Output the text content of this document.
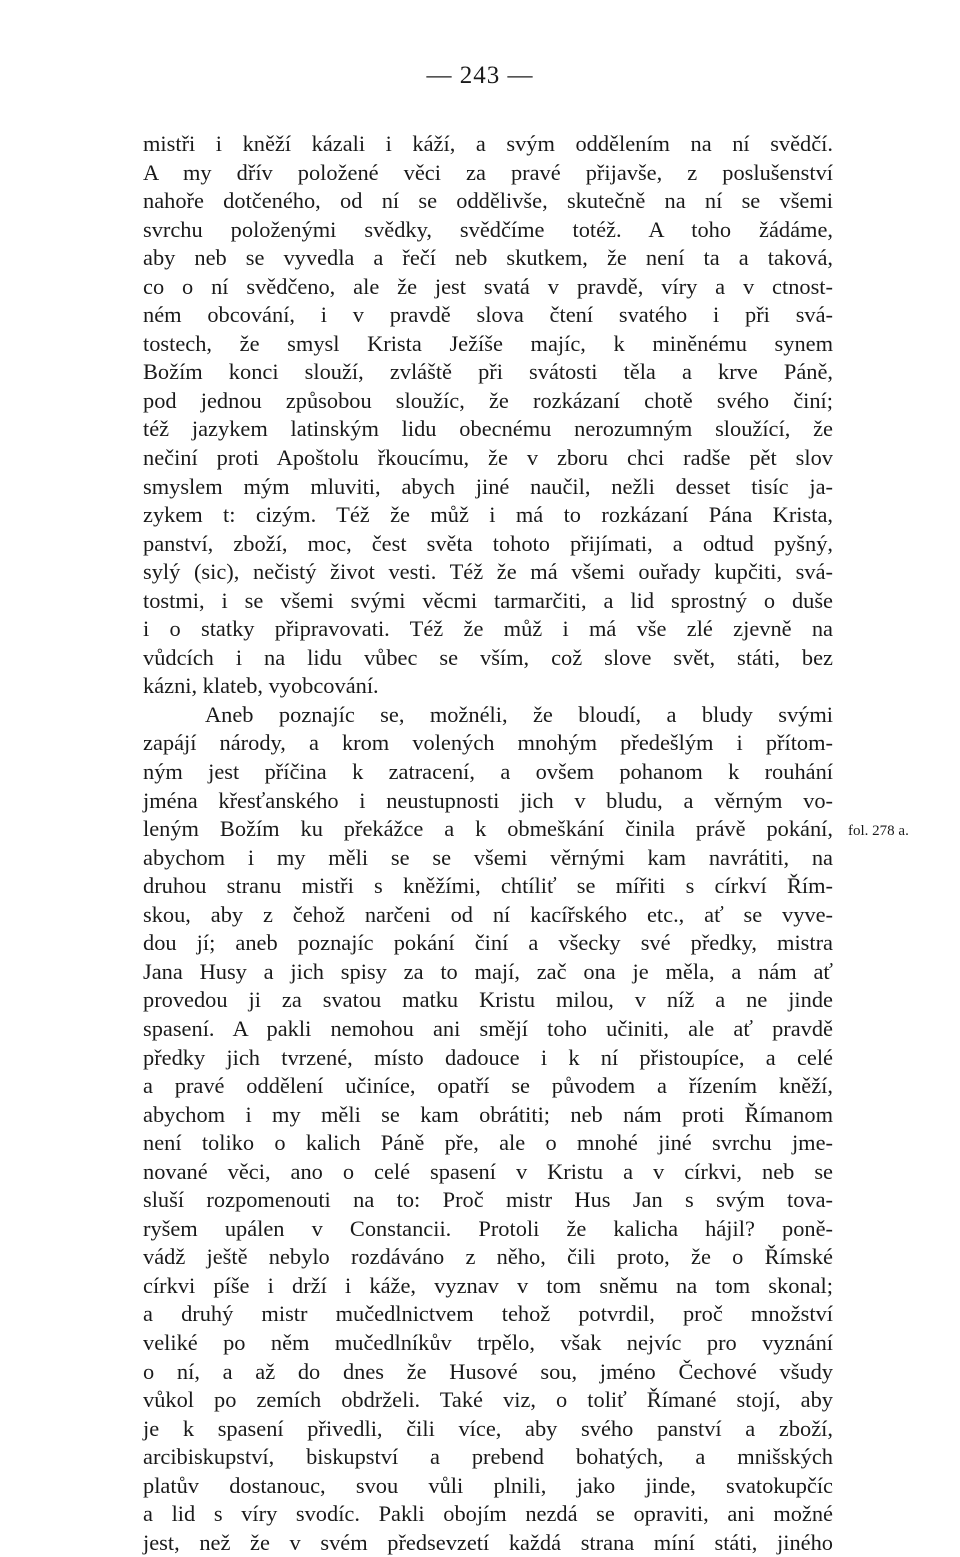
— 243 —
mistři i kněží kázali i káží, a svým oddělením na ní svědčí.
A my dřív položené věci za pravé přijavše, z poslušenství
nahoře dotčeného, od ní se oddělivše, skutečně na ní se všemi
svrchu položenými svědky, svědčíme totéž. A toho žádáme,
aby neb se vyvedla a řečí neb skutkem, že není ta a taková,
co o ní svědčeno, ale že jest svatá v pravdě, víry a v ctnost-
ném obcování, i v pravdě slova čtení svatého i při svá-
tostech, že smysl Krista Ježíše majíc, k miněnému synem
Božím konci slouží, zvláště při svátosti těla a krve Páně,
pod jednou způsobou sloužíc, že rozkázaní chotě svého činí;
též jazykem latinským lidu obecnému nerozumným sloužící, že
nečiní proti Apoštolu řkoucímu, že v zboru chci radše pět slov
smyslem mým mluviti, abych jiné naučil, nežli desset tisíc ja-
zykem t: cizým. Též že můž i má to rozkázaní Pána Krista,
panství, zboží, moc, čest světa tohoto přijímati, a odtud pyšný,
sylý (sic), nečistý život vesti. Též že má všemi ouřady kupčiti, svá-
tostmi, i se všemi svými věcmi tarmarčiti, a lid sprostný o duše
i o statky připravovati. Též že můž i má vše zlé zjevně na
vůdcích i na lidu vůbec se vším, což slove svět, státi, bez
kázni, klateb, vyobcování.
Aneb poznajíc se, možnéli, že bloudí, a bludy svými
zapájí národy, a krom volených mnohým předešlým i přítom-
ným jest příčina k zatracení, a ovšem pohanom k rouhání
jména křesťanského i neustupnosti jich v bludu, a věrným vo-
leným Božím ku překážce a k obmeškání činila právě pokání,
abychom i my měli se se všemi věrnými kam navrátiti, na
druhou stranu mistři s kněžími, chtíliť se mířiti s církví Řím-
skou, aby z čehož narčeni od ní kacířského etc., ať se vyve-
dou jí; aneb poznajíc pokání činí a všecky své předky, mistra
Jana Husy a jich spisy za to mají, zač ona je měla, a nám ať
provedou ji za svatou matku Kristu milou, v níž a ne jinde
spasení. A pakli nemohou ani smějí toho učiniti, ale ať pravdě
předky jich tvrzené, místo dadouce i k ní přistoupíce, a celé
a pravé oddělení učiníce, opatří se původem a řízením kněží,
abychom i my měli se kam obrátiti; neb nám proti Římanom
není toliko o kalich Páně pře, ale o mnohé jiné svrchu jme-
nované věci, ano o celé spasení v Kristu a v církvi, neb se
sluší rozpomenouti na to: Proč mistr Hus Jan s svým tova-
ryšem upálen v Constancii. Protoli že kalicha hájil? poně-
vádž ještě nebylo rozdáváno z něho, čili proto, že o Římské
církvi píše i drží i káže, vyznav v tom sněmu na tom skonal;
a druhý mistr mučedlnictvem tehož potvrdil, proč množství
veliké po něm mučedlníkův trpělo, však nejvíc pro vyznání
o ní, a až do dnes že Husové sou, jméno Čechové všudy
vůkol po zemích obdrželi. Také viz, o toliť Římané stojí, aby
je k spasení přivedli, čili více, aby svého panství a zboží,
arcibiskupství, biskupství a prebend bohatých, a mnišských
platův dostanouc, svou vůli plnili, jako jinde, svatokupčíc
a lid s víry svodíc. Pakli obojím nezdá se opraviti, ani možné
jest, než že v svém předsevzetí každá strana míní státi, jiného
fol. 278 a.
